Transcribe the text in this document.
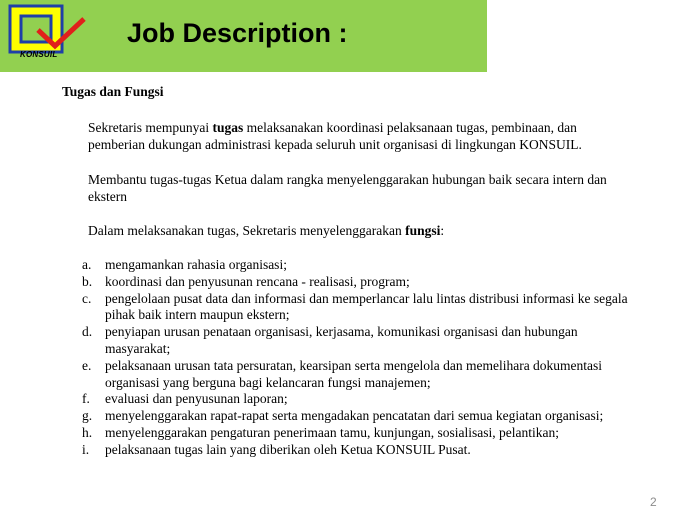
KONSUIL
Job Description :
Tugas dan Fungsi
Sekretaris mempunyai tugas melaksanakan koordinasi pelaksanaan tugas, pembinaan, dan pemberian dukungan administrasi kepada seluruh unit organisasi di lingkungan KONSUIL.
Membantu tugas-tugas Ketua dalam rangka menyelenggarakan hubungan baik secara intern dan ekstern
Dalam melaksanakan tugas, Sekretaris menyelenggarakan fungsi:
a. mengamankan rahasia organisasi;
b. koordinasi dan penyusunan rencana - realisasi, program;
c. pengelolaan pusat data dan informasi dan memperlancar lalu lintas distribusi informasi ke segala pihak baik intern maupun ekstern;
d. penyiapan urusan penataan organisasi, kerjasama, komunikasi organisasi dan hubungan masyarakat;
e. pelaksanaan urusan tata persuratan, kearsipan serta mengelola dan memelihara dokumentasi organisasi yang berguna bagi kelancaran fungsi manajemen;
f. evaluasi dan penyusunan laporan;
g. menyelenggarakan rapat-rapat serta mengadakan pencatatan dari semua kegiatan organisasi;
h. menyelenggarakan pengaturan penerimaan tamu, kunjungan, sosialisasi, pelantikan;
i. pelaksanaan tugas lain yang diberikan oleh Ketua KONSUIL Pusat.
2
